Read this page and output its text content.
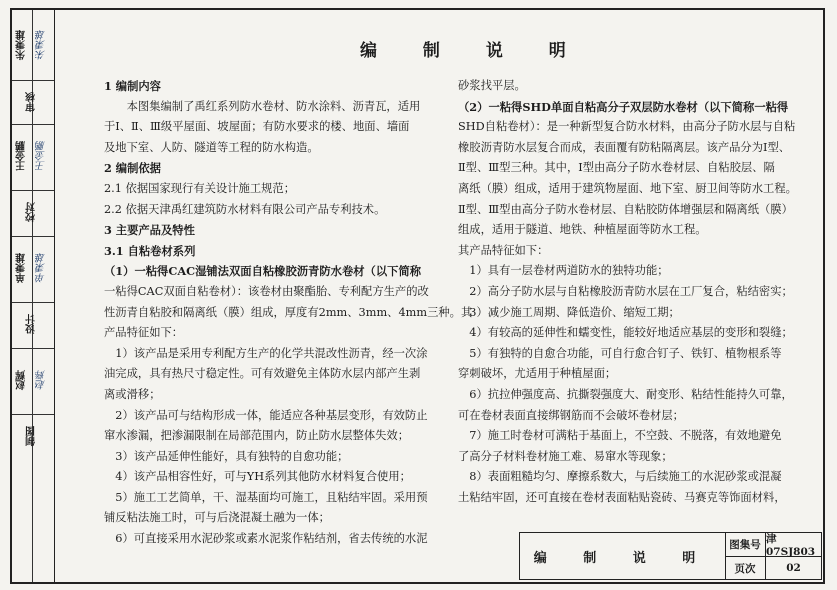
朱秉雄 朱秉雄
审核
王金鹏 王金鹏
校对
单秉雄 单秉雄
设计
赵辉 赵辉
制图
编 制 说 明

1 编制内容

　　本图集编制了禹红系列防水卷材、防水涂料、沥青瓦，适用

于Ⅰ、Ⅱ、Ⅲ级平屋面、坡屋面；有防水要求的楼、地面、墙面

及地下室、人防、隧道等工程的防水构造。

2 编制依据

2.1 依据国家现行有关设计施工规范；

2.2 依据天津禹红建筑防水材料有限公司产品专利技术。

3 主要产品及特性

3.1 自粘卷材系列

（1）一粘得CAC湿铺法双面自粘橡胶沥青防水卷材（以下简称

一粘得CAC双面自粘卷材）：该卷材由聚酯胎、专利配方生产的改

性沥青自粘胶和隔离纸（膜）组成，厚度有2mm、3mm、4mm三种。其

产品特征如下：

　1）该产品是采用专利配方生产的化学共混改性沥青，经一次涂

油完成，具有热尺寸稳定性。可有效避免主体防水层内部产生剥

离或滑移；

　2）该产品可与结构形成一体，能适应各种基层变形，有效防止

窜水渗漏，把渗漏限制在局部范围内，防止防水层整体失效；

　3）该产品延伸性能好，具有独特的自愈功能；

　4）该产品相容性好，可与YH系列其他防水材料复合使用；

　5）施工工艺简单，干、湿基面均可施工，且粘结牢固。采用预

铺反粘法施工时，可与后浇混凝土融为一体；

　6）可直接采用水泥砂浆或素水泥浆作粘结剂，省去传统的水泥

砂浆找平层。

（2）一粘得SHD单面自粘高分子双层防水卷材（以下简称一粘得

SHD自粘卷材）：是一种新型复合防水材料，由高分子防水层与自粘

橡胶沥青防水层复合而成，表面覆有防粘隔离层。该产品分为Ⅰ型、

Ⅱ型、Ⅲ型三种。其中，Ⅰ型由高分子防水卷材层、自粘胶层、隔

离纸（膜）组成，适用于建筑物屋面、地下室、厨卫间等防水工程。

Ⅱ型、Ⅲ型由高分子防水卷材层、自粘胶防体增强层和隔离纸（膜）

组成，适用于隧道、地铁、种植屋面等防水工程。

其产品特征如下：

　1）具有一层卷材两道防水的独特功能；

　2）高分子防水层与自粘橡胶沥青防水层在工厂复合，粘结密实；

　3）减少施工周期、降低造价、缩短工期；

　4）有较高的延伸性和蠕变性，能较好地适应基层的变形和裂缝；

　5）有独特的自愈合功能，可自行愈合钉子、铁钉、植物根系等

穿刺破坏，尤适用于种植屋面；

　6）抗拉伸强度高、抗撕裂强度大、耐变形、粘结性能持久可靠，

可在卷材表面直接绑钢筋而不会破坏卷材层；

　7）施工时卷材可满粘于基面上，不空鼓、不脱落，有效地避免

了高分子材料卷材施工难、易窜水等现象；

　8）表面粗糙均匀、摩擦系数大，与后续施工的水泥砂浆或混凝

土粘结牢固，还可直接在卷材表面粘贴瓷砖、马赛克等饰面材料，

编 制 说 明
图集号 津07SJ803
页次	02
